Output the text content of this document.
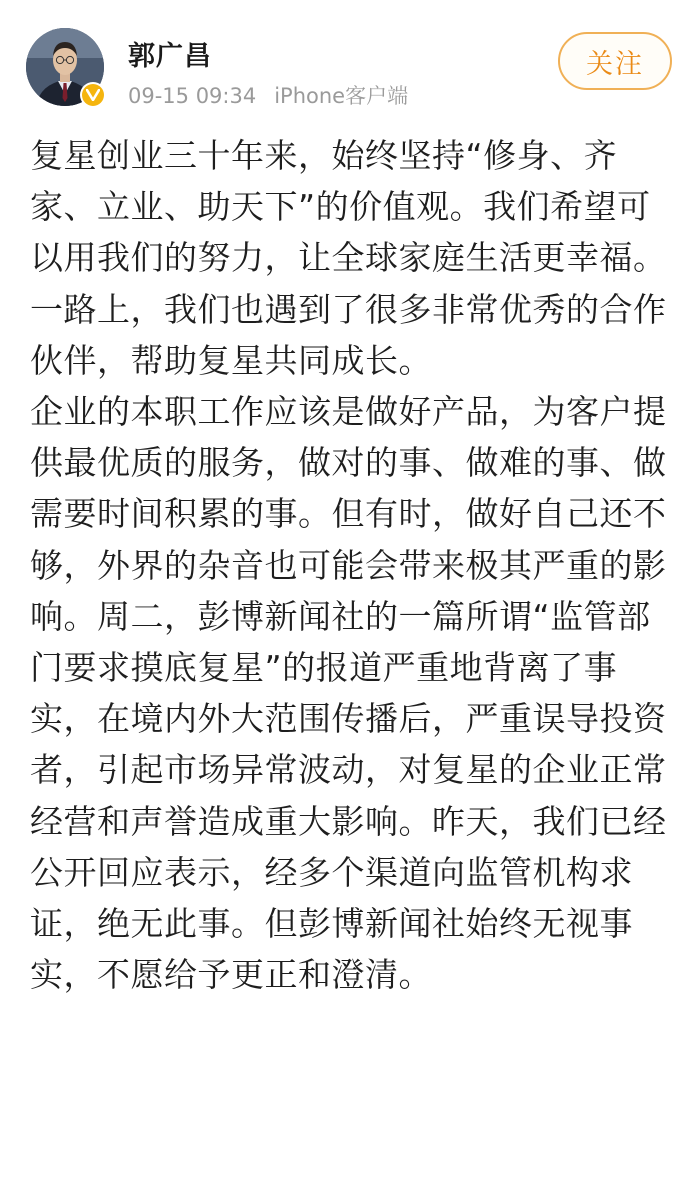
郭广昌
09-15 09:34 iPhone客户端
关注

复星创业三十年来，始终坚持“修身、齐家、立业、助天下”的价值观。我们希望可以用我们的努力，让全球家庭生活更幸福。

一路上，我们也遇到了很多非常优秀的合作伙伴，帮助复星共同成长。

企业的本职工作应该是做好产品，为客户提供最优质的服务，做对的事、做难的事、做需要时间积累的事。但有时，做好自己还不够，外界的杂音也可能会带来极其严重的影响。周二，彭博新闻社的一篇所谓“监管部门要求摸底复星”的报道严重地背离了事实，在境内外大范围传播后，严重误导投资者，引起市场异常波动，对复星的企业正常经营和声誉造成重大影响。昨天，我们已经公开回应表示，经多个渠道向监管机构求证，绝无此事。但彭博新闻社始终无视事实，不愿给予更正和澄清。
